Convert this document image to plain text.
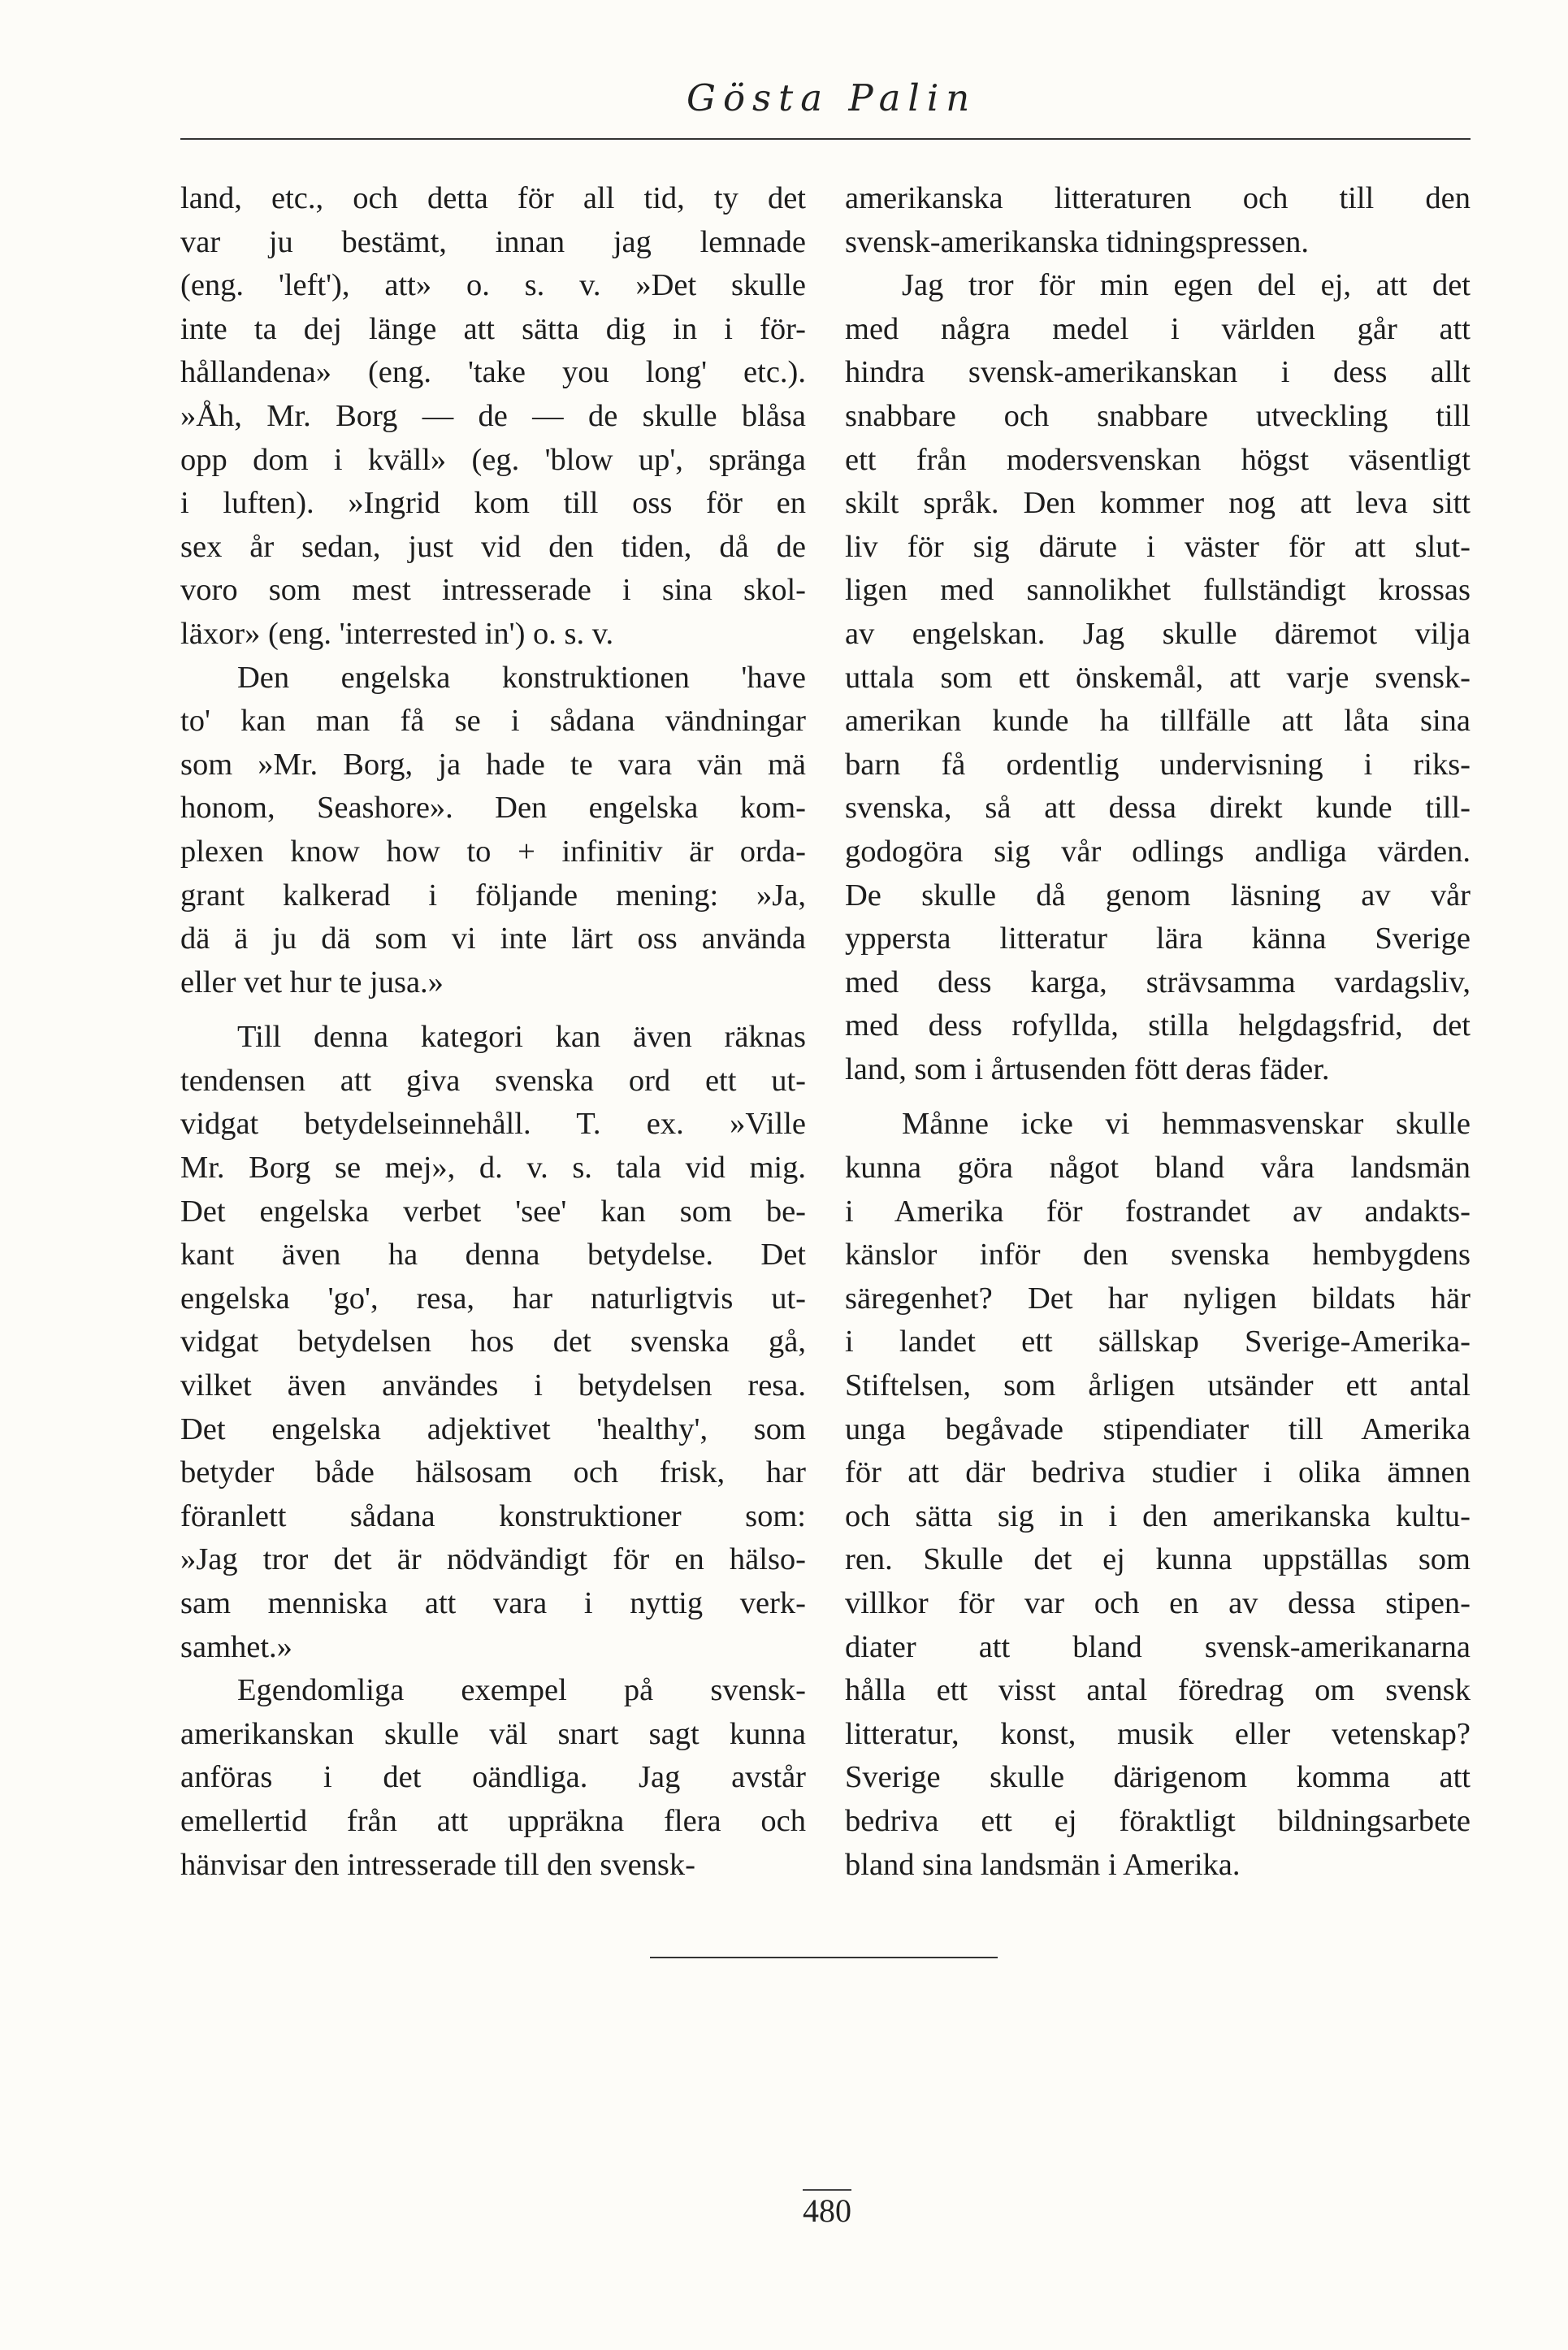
Gösta Palin

land, etc., och detta för all tid, ty det
var ju bestämt, innan jag lemnade
(eng. 'left'), att» o. s. v. »Det skulle
inte ta dej länge att sätta dig in i för-
hållandena» (eng. 'take you long' etc.).
»Åh, Mr. Borg — de — de skulle blåsa
opp dom i kväll» (eg. 'blow up', spränga
i luften). »Ingrid kom till oss för en
sex år sedan, just vid den tiden, då de
voro som mest intresserade i sina skol-
läxor» (eng. 'interrested in') o. s. v.

Den engelska konstruktionen 'have
to' kan man få se i sådana vändningar
som »Mr. Borg, ja hade te vara vän mä
honom, Seashore». Den engelska kom-
plexen know how to + infinitiv är orda-
grant kalkerad i följande mening: »Ja,
dä ä ju dä som vi inte lärt oss använda
eller vet hur te jusa.»

Till denna kategori kan även räknas
tendensen att giva svenska ord ett ut-
vidgat betydelseinnehåll. T. ex. »Ville
Mr. Borg se mej», d. v. s. tala vid mig.
Det engelska verbet 'see' kan som be-
kant även ha denna betydelse. Det
engelska 'go', resa, har naturligtvis ut-
vidgat betydelsen hos det svenska gå,
vilket även användes i betydelsen resa.
Det engelska adjektivet 'healthy', som
betyder både hälsosam och frisk, har
föranlett sådana konstruktioner som:
»Jag tror det är nödvändigt för en hälso-
sam menniska att vara i nyttig verk-
samhet.»

Egendomliga exempel på svensk-
amerikanskan skulle väl snart sagt kunna
anföras i det oändliga. Jag avstår
emellertid från att uppräkna flera och
hänvisar den intresserade till den svensk-

amerikanska litteraturen och till den
svensk-amerikanska tidningspressen.

Jag tror för min egen del ej, att det
med några medel i världen går att
hindra svensk-amerikanskan i dess allt
snabbare och snabbare utveckling till
ett från modersvenskan högst väsentligt
skilt språk. Den kommer nog att leva sitt
liv för sig därute i väster för att slut-
ligen med sannolikhet fullständigt krossas
av engelskan. Jag skulle däremot vilja
uttala som ett önskemål, att varje svensk-
amerikan kunde ha tillfälle att låta sina
barn få ordentlig undervisning i riks-
svenska, så att dessa direkt kunde till-
godogöra sig vår odlings andliga värden.
De skulle då genom läsning av vår
yppersta litteratur lära känna Sverige
med dess karga, strävsamma vardagsliv,
med dess rofyllda, stilla helgdagsfrid, det
land, som i årtusenden fött deras fäder.

Månne icke vi hemmasvenskar skulle
kunna göra något bland våra landsmän
i Amerika för fostrandet av andakts-
känslor inför den svenska hembygdens
säregenhet? Det har nyligen bildats här
i landet ett sällskap Sverige-Amerika-
Stiftelsen, som årligen utsänder ett antal
unga begåvade stipendiater till Amerika
för att där bedriva studier i olika ämnen
och sätta sig in i den amerikanska kultu-
ren. Skulle det ej kunna uppställas som
villkor för var och en av dessa stipen-
diater att bland svensk-amerikanarna
hålla ett visst antal föredrag om svensk
litteratur, konst, musik eller vetenskap?
Sverige skulle därigenom komma att
bedriva ett ej föraktligt bildningsarbete
bland sina landsmän i Amerika.

480
